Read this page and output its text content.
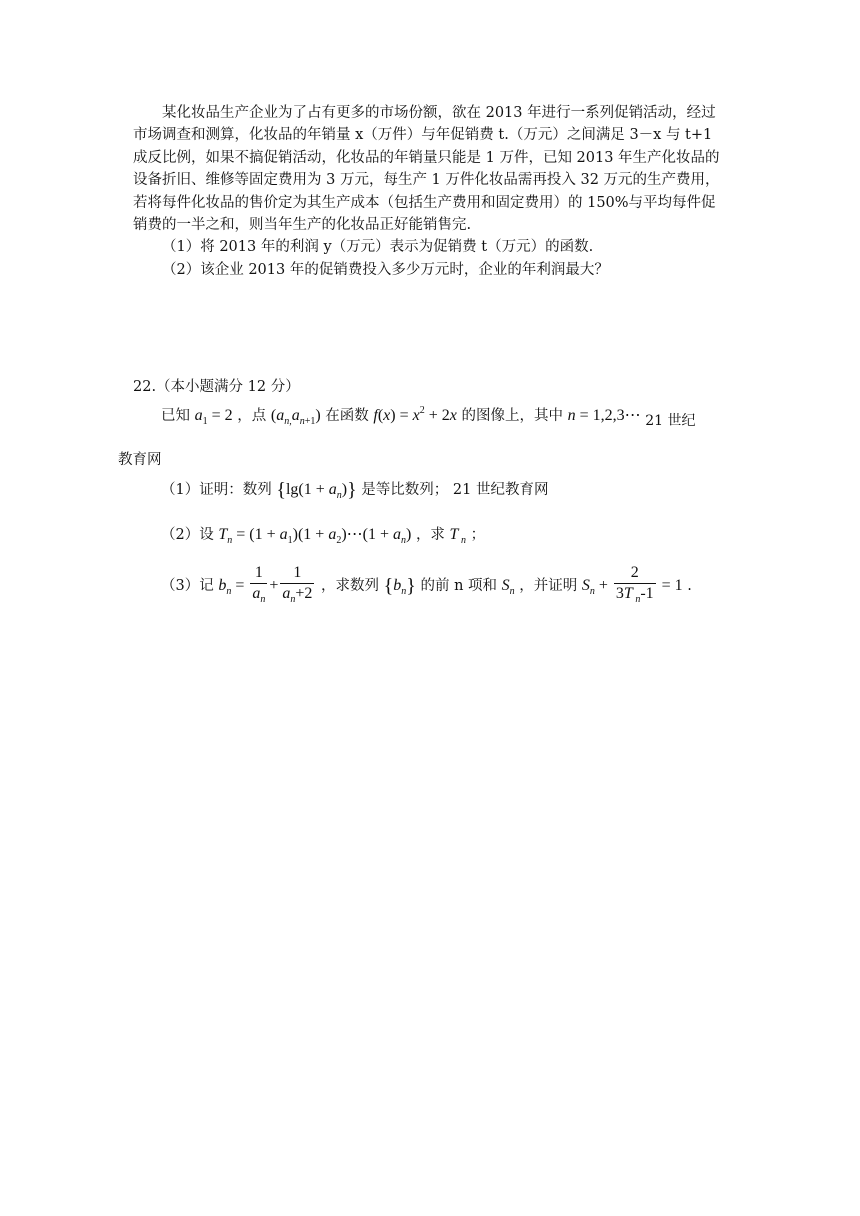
某化妆品生产企业为了占有更多的市场份额，欲在 2013 年进行一系列促销活动，经过
市场调查和测算，化妆品的年销量 x（万件）与年促销费 t.（万元）之间满足 3－x 与 t+1
成反比例，如果不搞促销活动，化妆品的年销量只能是 1 万件，已知 2013 年生产化妆品的
设备折旧、维修等固定费用为 3 万元，每生产 1 万件化妆品需再投入 32 万元的生产费用，
若将每件化妆品的售价定为其生产成本（包括生产费用和固定费用）的 150%与平均每件促
销费的一半之和，则当年生产的化妆品正好能销售完.
（1）将 2013 年的利润 y（万元）表示为促销费 t（万元）的函数.
（2）该企业 2013 年的促销费投入多少万元时，企业的年利润最大？
22.（本小题满分 12 分）
已知 $a_1 = 2$ ，点 $(a_{n,}a_{n+1})$ 在函数 $f(x) = x^2 + 2x$ 的图像上，其中 n = 1,2,3⋯ 21 世纪
教育网
（1）证明：数列 $\{\lg(1 + a_n)\}$ 是等比数列； 21 世纪教育网
（2）设 $T_n = (1 + a_1)(1$ + $a_2)\cdots(1 + a_n)$ ，求 T $_n$ ；
（3）记 $b_n = \frac{1}{a_n} + \frac{1}{a_n+2}$ ，求数列 $\{b_n\}$ 的前 n 项和 $S_n$ ，并证明 $S_n + \frac{2}{3T _n-1} = 1$ .
